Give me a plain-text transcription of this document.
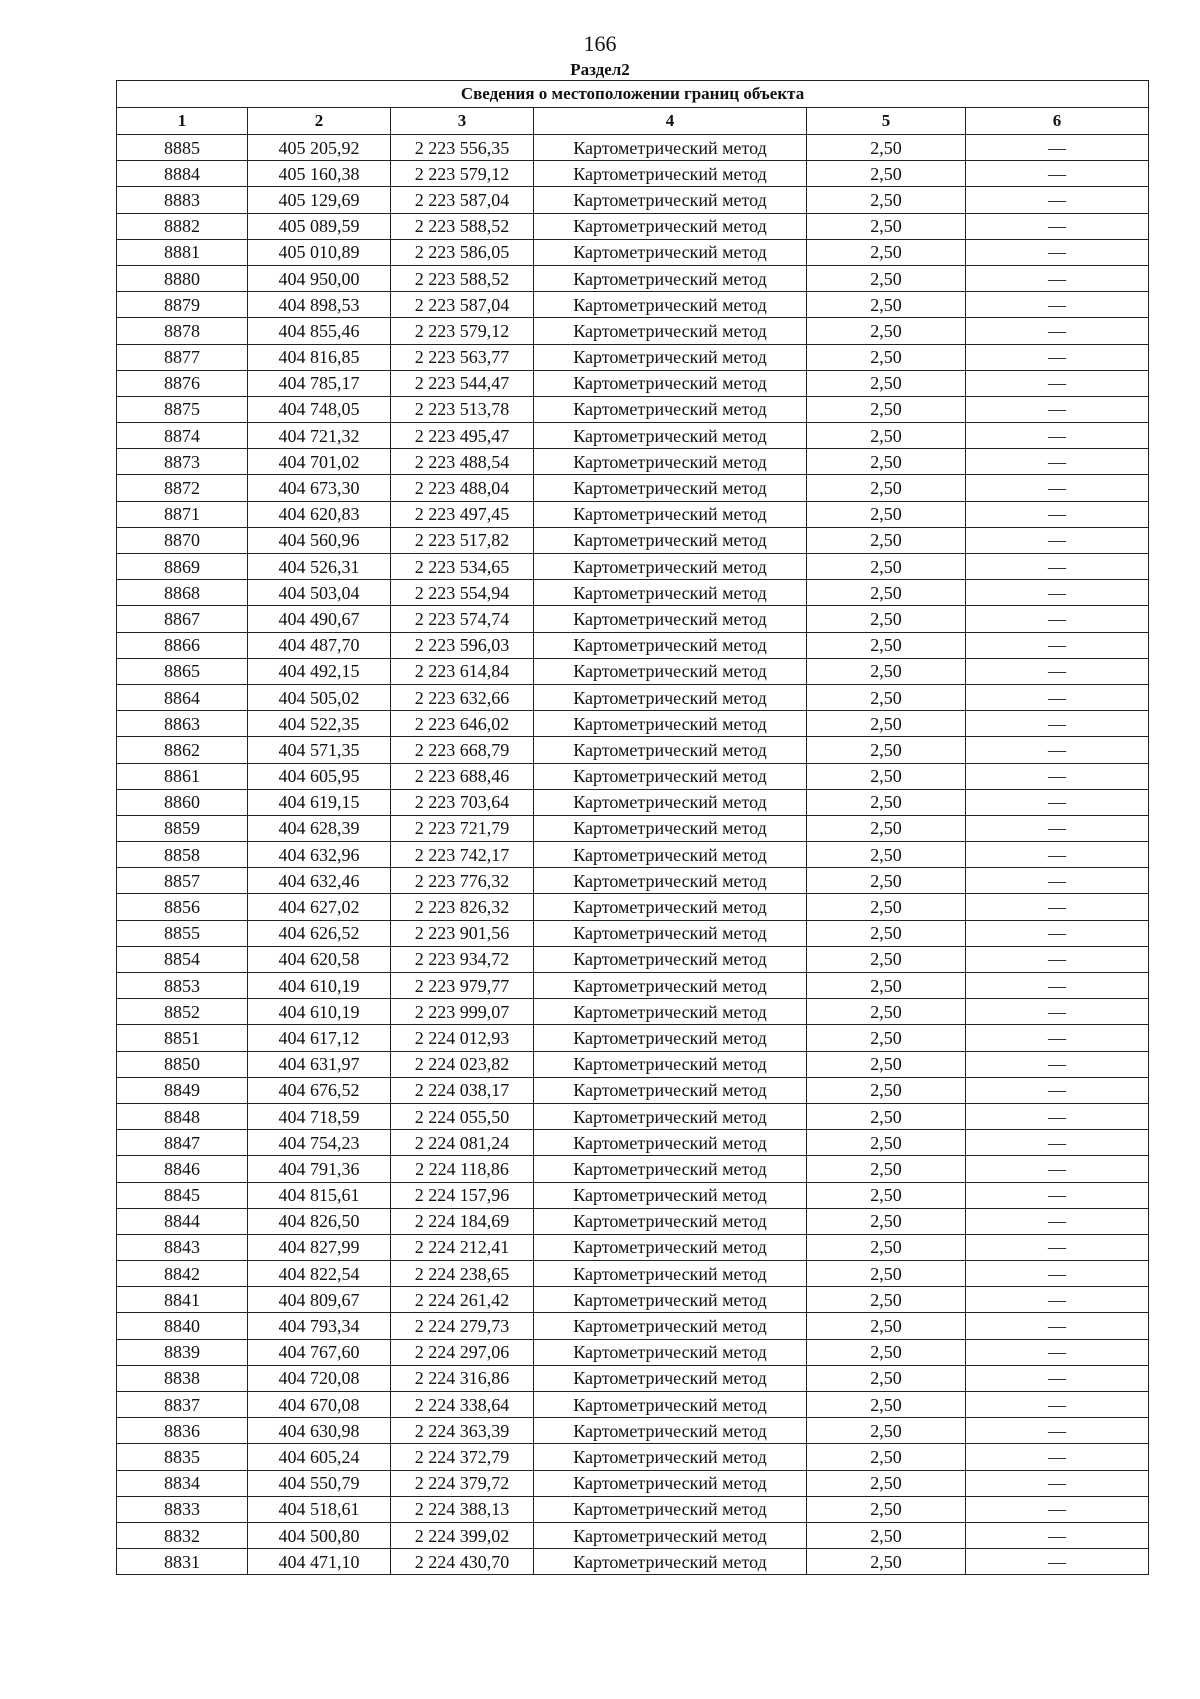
166
Раздел2
Сведения о местоположении границ объекта					
1	2	3	4	5	6
8885	405 205,92	2 223 556,35	Картометрический метод	2,50	—
8884	405 160,38	2 223 579,12	Картометрический метод	2,50	—
8883	405 129,69	2 223 587,04	Картометрический метод	2,50	—
8882	405 089,59	2 223 588,52	Картометрический метод	2,50	—
8881	405 010,89	2 223 586,05	Картометрический метод	2,50	—
8880	404 950,00	2 223 588,52	Картометрический метод	2,50	—
8879	404 898,53	2 223 587,04	Картометрический метод	2,50	—
8878	404 855,46	2 223 579,12	Картометрический метод	2,50	—
8877	404 816,85	2 223 563,77	Картометрический метод	2,50	—
8876	404 785,17	2 223 544,47	Картометрический метод	2,50	—
8875	404 748,05	2 223 513,78	Картометрический метод	2,50	—
8874	404 721,32	2 223 495,47	Картометрический метод	2,50	—
8873	404 701,02	2 223 488,54	Картометрический метод	2,50	—
8872	404 673,30	2 223 488,04	Картометрический метод	2,50	—
8871	404 620,83	2 223 497,45	Картометрический метод	2,50	—
8870	404 560,96	2 223 517,82	Картометрический метод	2,50	—
8869	404 526,31	2 223 534,65	Картометрический метод	2,50	—
8868	404 503,04	2 223 554,94	Картометрический метод	2,50	—
8867	404 490,67	2 223 574,74	Картометрический метод	2,50	—
8866	404 487,70	2 223 596,03	Картометрический метод	2,50	—
8865	404 492,15	2 223 614,84	Картометрический метод	2,50	—
8864	404 505,02	2 223 632,66	Картометрический метод	2,50	—
8863	404 522,35	2 223 646,02	Картометрический метод	2,50	—
8862	404 571,35	2 223 668,79	Картометрический метод	2,50	—
8861	404 605,95	2 223 688,46	Картометрический метод	2,50	—
8860	404 619,15	2 223 703,64	Картометрический метод	2,50	—
8859	404 628,39	2 223 721,79	Картометрический метод	2,50	—
8858	404 632,96	2 223 742,17	Картометрический метод	2,50	—
8857	404 632,46	2 223 776,32	Картометрический метод	2,50	—
8856	404 627,02	2 223 826,32	Картометрический метод	2,50	—
8855	404 626,52	2 223 901,56	Картометрический метод	2,50	—
8854	404 620,58	2 223 934,72	Картометрический метод	2,50	—
8853	404 610,19	2 223 979,77	Картометрический метод	2,50	—
8852	404 610,19	2 223 999,07	Картометрический метод	2,50	—
8851	404 617,12	2 224 012,93	Картометрический метод	2,50	—
8850	404 631,97	2 224 023,82	Картометрический метод	2,50	—
8849	404 676,52	2 224 038,17	Картометрический метод	2,50	—
8848	404 718,59	2 224 055,50	Картометрический метод	2,50	—
8847	404 754,23	2 224 081,24	Картометрический метод	2,50	—
8846	404 791,36	2 224 118,86	Картометрический метод	2,50	—
8845	404 815,61	2 224 157,96	Картометрический метод	2,50	—
8844	404 826,50	2 224 184,69	Картометрический метод	2,50	—
8843	404 827,99	2 224 212,41	Картометрический метод	2,50	—
8842	404 822,54	2 224 238,65	Картометрический метод	2,50	—
8841	404 809,67	2 224 261,42	Картометрический метод	2,50	—
8840	404 793,34	2 224 279,73	Картометрический метод	2,50	—
8839	404 767,60	2 224 297,06	Картометрический метод	2,50	—
8838	404 720,08	2 224 316,86	Картометрический метод	2,50	—
8837	404 670,08	2 224 338,64	Картометрический метод	2,50	—
8836	404 630,98	2 224 363,39	Картометрический метод	2,50	—
8835	404 605,24	2 224 372,79	Картометрический метод	2,50	—
8834	404 550,79	2 224 379,72	Картометрический метод	2,50	—
8833	404 518,61	2 224 388,13	Картометрический метод	2,50	—
8832	404 500,80	2 224 399,02	Картометрический метод	2,50	—
8831	404 471,10	2 224 430,70	Картометрический метод	2,50	—
